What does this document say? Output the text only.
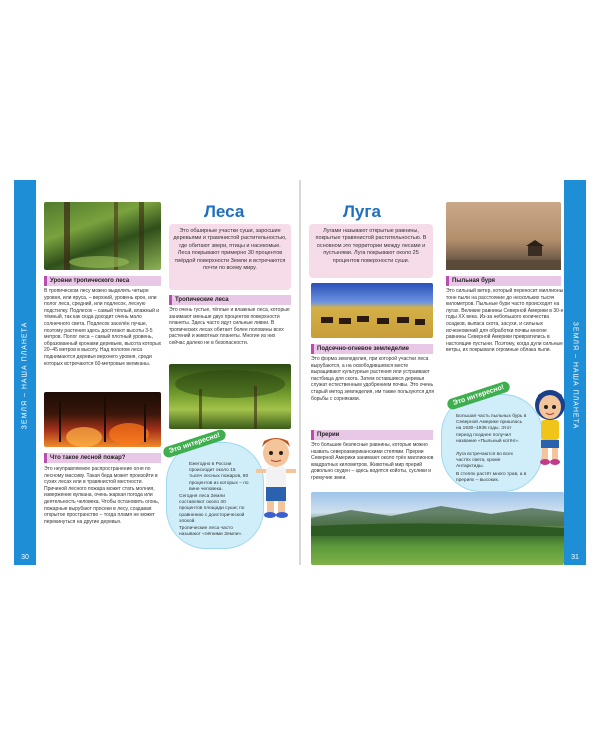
ЗЕМЛЯ – НАША ПЛАНЕТА
30
Леса
Это обширные участки суши, заросшие деревьями и травянистой растительностью, где обитают звери, птицы и насекомые. Леса покрывают примерно 30 процентов твёрдой поверхности Земли и встречаются почти по всему миру.
Уровни тропического леса
В тропическом лесу можно выделить четыре уровня, или яруса, – верхний, уровень крон, или полог леса, средний, или подлесок, лесную подстилку. Подлесок – самый тёплый, влажный и тёмный, так как сюда доходит очень мало солнечного света. Подлесок заселён лучше, поэтому растения здесь достигают высоты 3-5 метров. Полог леса – самый плотный уровень, образованный кронами деревьев, высота которых 20–45 метров в высоту. Над пологом леса поднимаются деревья верхнего уровня, среди которых встречаются 60-метровые великаны.
Тропические леса
Это очень густые, тёплые и влажные леса, которые занимают меньше двух процентов поверхности планеты. Здесь часто идут сильные ливни. В тропических лесах обитает более половины всех растений и животных планеты. Многие из них сейчас далеко не в безопасности.
Что такое лесной пожар?
Это неуправляемое распространение огня по лесному массиву. Такая беда может произойти в сухих лесах или в травянистой местности. Причиной лесного пожара может стать молния, извержение вулкана, очень жаркая погода или деятельность человека. Чтобы остановить огонь, пожарные вырубают просеки в лесу, создавая открытое пространство – тогда пламя не может перекинуться на другие деревья.
Это интересно!
Ежегодно в России происходит около 15 тысяч лесных пожаров, 80 процентов из которых – по вине человека.
Сегодня леса Земли составляют около 30 процентов площади суши; по сравнению с доисторической эпохой.
Тропические леса часто называют «лёгкими Земли».
ЗЕМЛЯ – НАША ПЛАНЕТА
31
Луга
Лугами называют открытые равнины, покрытые травянистой растительностью. В основном это территории между лесами и пустынями. Луга покрывают около 25 процентов поверхности суши.
Пыльная буря
Это сильный ветер, который переносит миллионы тонн пыли на расстояние до нескольких тысяч километров. Пыльные бури часто происходят на лугах. Великие равнины Северной Америки в 30-е годы XX века. Из-за небольшого количества осадков, выпаса скота, засухи, и сильных исчезновений для обработки почвы многие равнины Северной Америки превратились в настоящие пустыни. Поэтому, когда дули сильные ветры, их покрывали огромные облака пыли.
Подсечно-огневое земледелие
Это форма земледелия, при которой участки леса вырубаются, а на освободившемся месте выращивают культурные растения или устраивают пастбища для скота. Затем оставшиеся деревья служат естественным удобрением почвы. Это очень старый метод земледелия, им также пользуются для борьбы с сорняками.
Прерии
Это большие безлесные равнины, которые можно назвать североамериканскими степями. Прерии Северной Америки занимают около трёх миллионов квадратных километров. Животный мир прерий довольно скуден – здесь водятся койоты, суслики и гремучие змеи.
Это интересно!
Большая часть пыльных бурь в Северной Америке пришлась на 1930–1936 годы. Этот период позднее получил название «Пыльный котёл».
Луга встречаются во всех частях света, кроме Антарктиды.
В степях растёт много трав, а в прериях – высоких.
